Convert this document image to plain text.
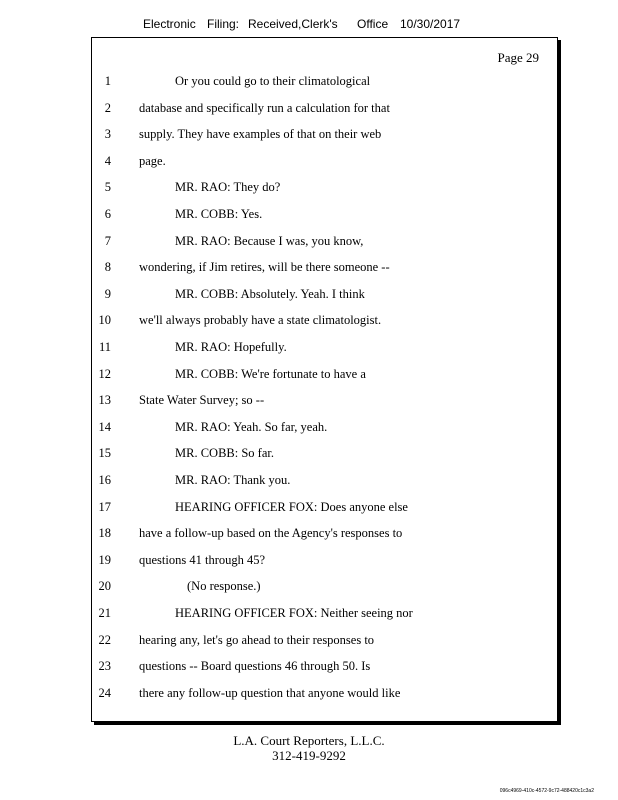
Electronic Filing: Received,Clerk's Office 10/30/2017
Page 29
1	Or you could go to their climatological
2 database and specifically run a calculation for that
3 supply. They have examples of that on their web
4 page.
5	MR. RAO: They do?
6	MR. COBB: Yes.
7	MR. RAO: Because I was, you know,
8 wondering, if Jim retires, will be there someone --
9	MR. COBB: Absolutely. Yeah. I think
10 we'll always probably have a state climatologist.
11	MR. RAO: Hopefully.
12	MR. COBB: We're fortunate to have a
13 State Water Survey; so --
14	MR. RAO: Yeah. So far, yeah.
15	MR. COBB: So far.
16	MR. RAO: Thank you.
17	HEARING OFFICER FOX: Does anyone else
18 have a follow-up based on the Agency's responses to
19 questions 41 through 45?
20	(No response.)
21	HEARING OFFICER FOX: Neither seeing nor
22 hearing any, let's go ahead to their responses to
23 questions -- Board questions 46 through 50. Is
24 there any follow-up question that anyone would like
L.A. Court Reporters, L.L.C.
312-419-9292
096c4969-410c-4572-9c72-488420c1c3a2
